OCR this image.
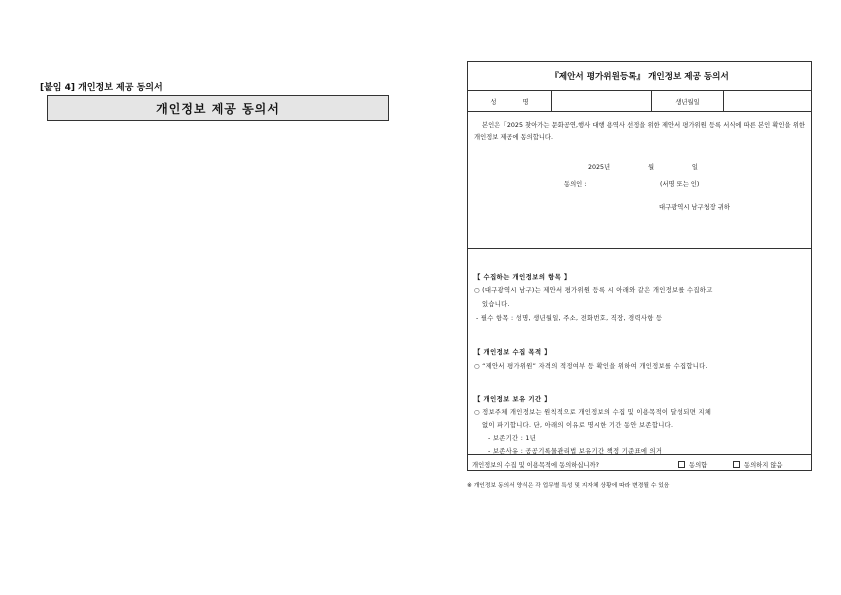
[붙임 4] 개인정보 제공 동의서
개인정보 제공 동의서
『제안서 평가위원등록』 개인정보 제공 동의서
성 명	생년월일
본인은「2025 찾아가는 문화공연,행사 대행 용역사 선정을 위한 제안서 평가위원 등록 서식에 따른 본인 확인을 위한 개인정보 제공에 동의합니다.
2025년	월	일
동의인 :	(서명 또는 인)
대구광역시 남구청장 귀하
【 수집하는 개인정보의 항목 】
○ (대구광역시 남구)는 제안서 평가위원 등록 시 아래와 같은 개인정보를 수집하고
있습니다.
- 필수 항목 : 성명, 생년월일, 주소, 전화번호, 직장, 경력사항 등
【 개인정보 수집 목적 】
○ “제안서 평가위원” 자격의 적정여부 등 확인을 위하여 개인정보를 수집합니다.
【 개인정보 보유 기간 】
○ 정보주체 개인정보는 원칙적으로 개인정보의 수집 및 이용목적이 달성되면 지체
없이 파기합니다. 단, 아래의 이유로 명시한 기간 동안 보존합니다.
- 보존기간 : 1년
- 보존사유 : 공공기록물관리법 보유기간 책정 기준표에 의거
개인정보의 수집 및 이용목적에 동의하십니까?	동의함	동의하지 않음
※ 개인정보 동의서 양식은 각 업무별 특성 및 지자체 상황에 따라 변경될 수 있음
